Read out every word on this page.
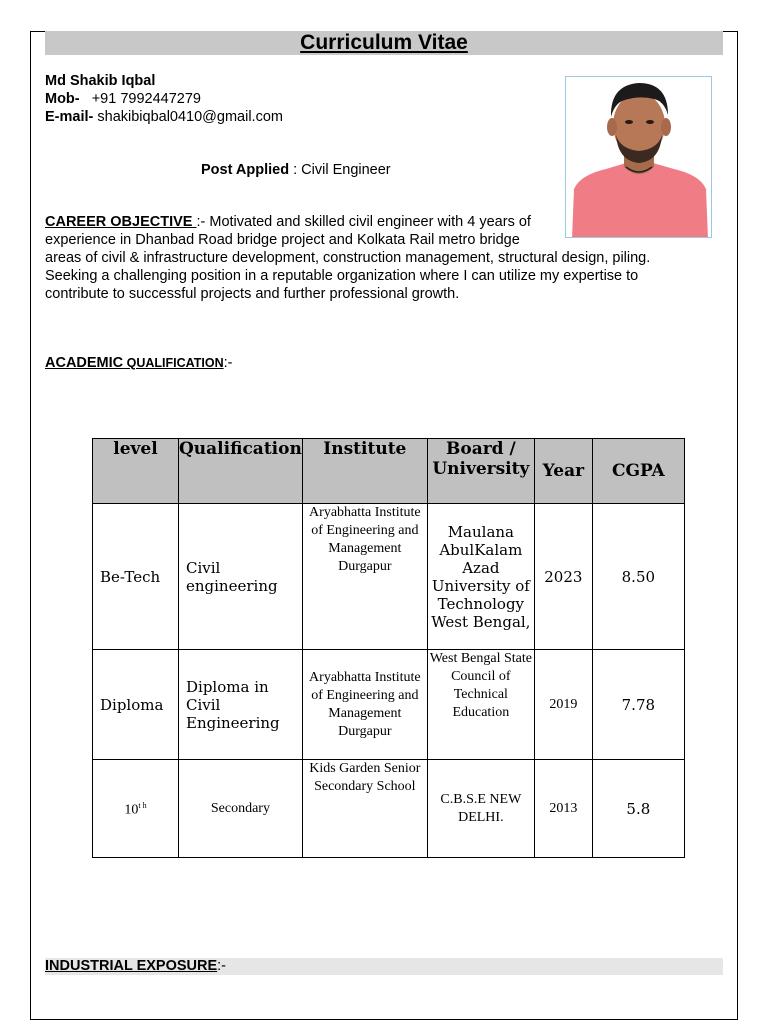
Curriculum Vitae
Md Shakib Iqbal
Mob- +91 7992447279
E-mail- shakibiqbal0410@gmail.com
Post Applied : Civil Engineer
CAREER OBJECTIVE :- Motivated and skilled civil engineer with 4 years of
experience in Dhanbad Road bridge project and Kolkata Rail metro bridge
areas of civil & infrastructure development, construction management, structural design, piling.
Seeking a challenging position in a reputable organization where I can utilize my expertise to
contribute to successful projects and further professional growth.
ACADEMIC QUALIFICATION:-
level	Qualification	Institute	Board / University	Year	CGPA
Be-Tech	Civil engineering	Aryabhatta Institute of Engineering and Management Durgapur	Maulana AbulKalam Azad University of Technology West Bengal,	2023	8.50
Diploma	Diploma in Civil Engineering	Aryabhatta Institute of Engineering and Management Durgapur	West Bengal State Council of Technical Education	2019	7.78
$10^{t h}$	Secondary	Kids Garden Senior Secondary School	C.B.S.E NEW DELHI.	2013	5.8
INDUSTRIAL EXPOSURE:-
